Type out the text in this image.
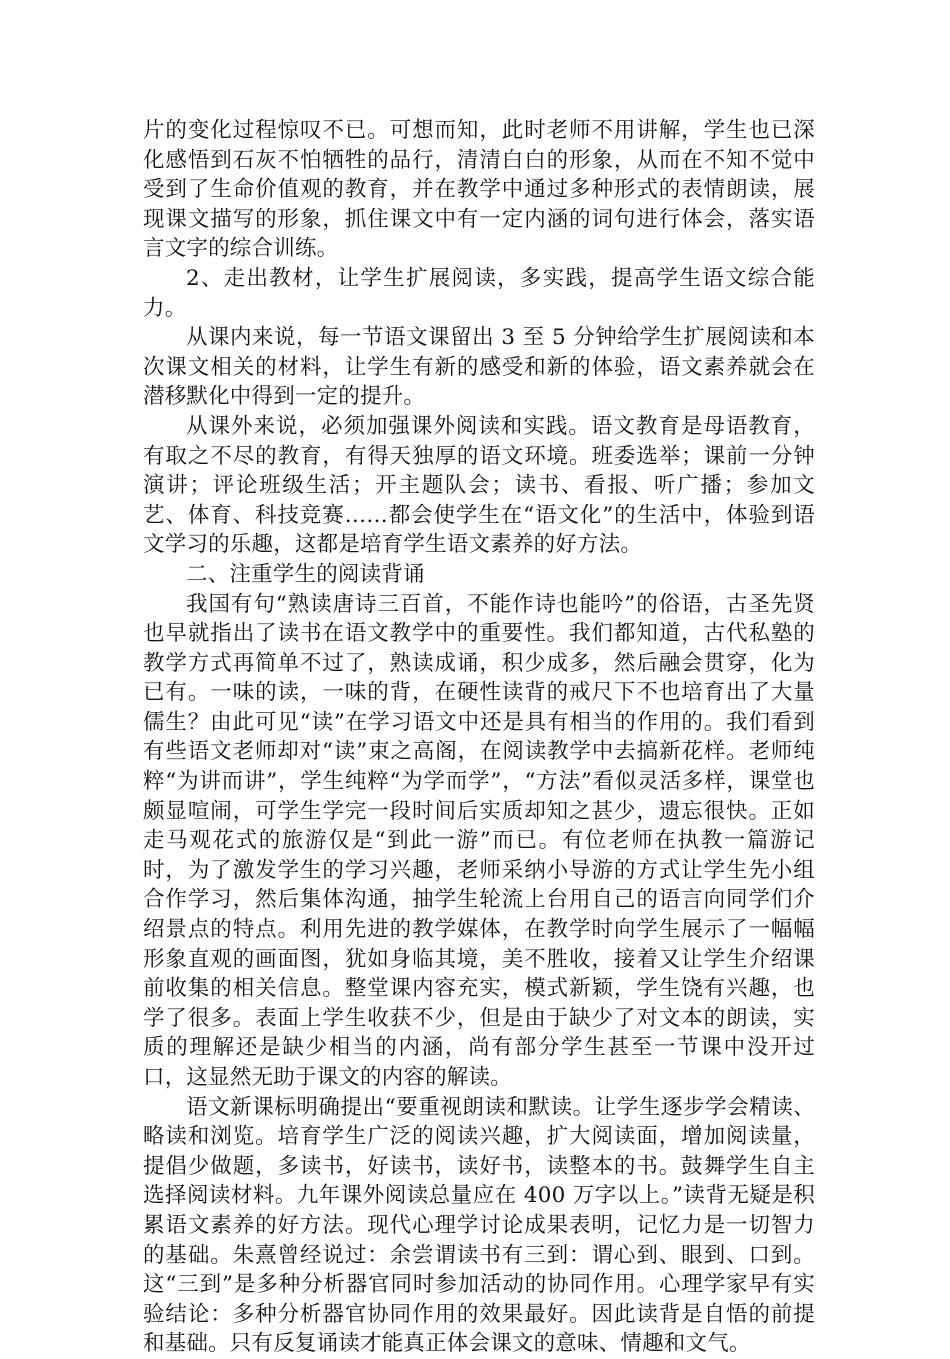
片的变化过程惊叹不已。可想而知，此时老师不用讲解，学生也已深化感悟到石灰不怕牺牲的品行，清清白白的形象，从而在不知不觉中受到了生命价值观的教育，并在教学中通过多种形式的表情朗读，展现课文描写的形象，抓住课文中有一定内涵的词句进行体会，落实语言文字的综合训练。

2、走出教材，让学生扩展阅读，多实践，提高学生语文综合能力。

从课内来说，每一节语文课留出 3 至 5 分钟给学生扩展阅读和本次课文相关的材料，让学生有新的感受和新的体验，语文素养就会在潜移默化中得到一定的提升。

从课外来说，必须加强课外阅读和实践。语文教育是母语教育，有取之不尽的教育，有得天独厚的语文环境。班委选举；课前一分钟演讲；评论班级生活；开主题队会；读书、看报、听广播；参加文艺、体育、科技竞赛……都会使学生在“语文化”的生活中，体验到语文学习的乐趣，这都是培育学生语文素养的好方法。

二、注重学生的阅读背诵

我国有句“熟读唐诗三百首，不能作诗也能吟”的俗语，古圣先贤也早就指出了读书在语文教学中的重要性。我们都知道，古代私塾的教学方式再简单不过了，熟读成诵，积少成多，然后融会贯穿，化为已有。一味的读，一味的背，在硬性读背的戒尺下不也培育出了大量儒生？由此可见“读”在学习语文中还是具有相当的作用的。我们看到有些语文老师却对“读”束之高阁，在阅读教学中去搞新花样。老师纯粹“为讲而讲”，学生纯粹“为学而学”，“方法”看似灵活多样，课堂也颇显喧闹，可学生学完一段时间后实质却知之甚少，遗忘很快。正如走马观花式的旅游仅是“到此一游”而已。有位老师在执教一篇游记时，为了激发学生的学习兴趣，老师采纳小导游的方式让学生先小组合作学习，然后集体沟通，抽学生轮流上台用自己的语言向同学们介绍景点的特点。利用先进的教学媒体，在教学时向学生展示了一幅幅形象直观的画面图，犹如身临其境，美不胜收，接着又让学生介绍课前收集的相关信息。整堂课内容充实，模式新颖，学生饶有兴趣，也学了很多。表面上学生收获不少，但是由于缺少了对文本的朗读，实质的理解还是缺少相当的内涵，尚有部分学生甚至一节课中没开过口，这显然无助于课文的内容的解读。

语文新课标明确提出“要重视朗读和默读。让学生逐步学会精读、略读和浏览。培育学生广泛的阅读兴趣，扩大阅读面，增加阅读量，提倡少做题，多读书，好读书，读好书，读整本的书。鼓舞学生自主选择阅读材料。九年课外阅读总量应在 400 万字以上。”读背无疑是积累语文素养的好方法。现代心理学讨论成果表明，记忆力是一切智力的基础。朱熹曾经说过：余尝谓读书有三到：谓心到、眼到、口到。这“三到”是多种分析器官同时参加活动的协同作用。心理学家早有实验结论：多种分析器官协同作用的效果最好。因此读背是自悟的前提和基础。只有反复诵读才能真正体会课文的意味、情趣和文气。
